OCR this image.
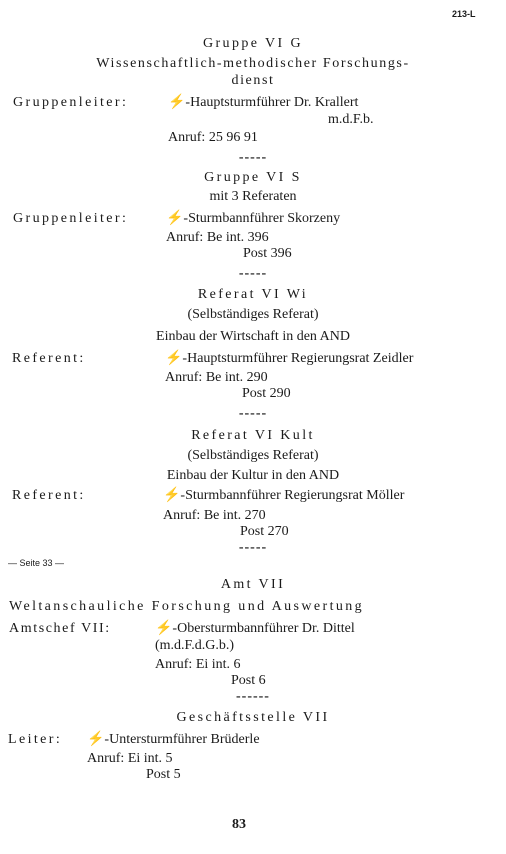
213-L
Gruppe VI G
Wissenschaftlich-methodischer Forschungs-
dienst
Gruppenleiter:	⚡-Hauptsturmführer Dr. Krallert
m.d.F.b.
Anruf: 25 96 91
-----
Gruppe VI S
mit 3 Referaten
Gruppenleiter:	⚡-Sturmbannführer Skorzeny
Anruf: Be int. 396
Post 396
-----
Referat VI Wi
(Selbständiges Referat)
Einbau der Wirtschaft in den AND
Referent:	⚡-Hauptsturmführer Regierungsrat Zeidler
Anruf: Be int. 290
Post 290
-----
Referat VI Kult
(Selbständiges Referat)
Einbau der Kultur in den AND
Referent:	⚡-Sturmbannführer Regierungsrat Möller
Anruf: Be int. 270
Post 270
-----
— Seite 33 —
Amt VII
Weltanschauliche Forschung und Auswertung
Amtschef VII:	⚡-Obersturmbannführer Dr. Dittel
(m.d.F.d.G.b.)
Anruf: Ei int. 6
Post 6
------
Geschäftsstelle VII
Leiter: ⚡-Untersturmführer Brüderle
Anruf: Ei int. 5
Post 5
83
